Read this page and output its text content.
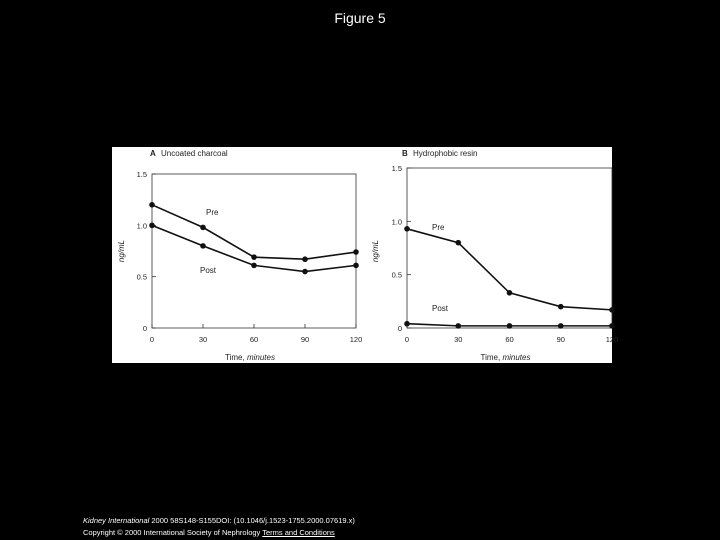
Figure 5
A Uncoated charcoal
0
0.5
1.0
1.5
0	30	60	90	120
Time, minutes
ng/mL
Pre
Post
B Hydrophobic resin
0
0.5
1.0
1.5
0	30	60	90	120
Time, minutes
ng/mL
Pre
Post
Kidney International 2000 58S148-S155DOI: (10.1046/j.1523-1755.2000.07619.x)
Copyright © 2000 International Society of Nephrology Terms and Conditions
